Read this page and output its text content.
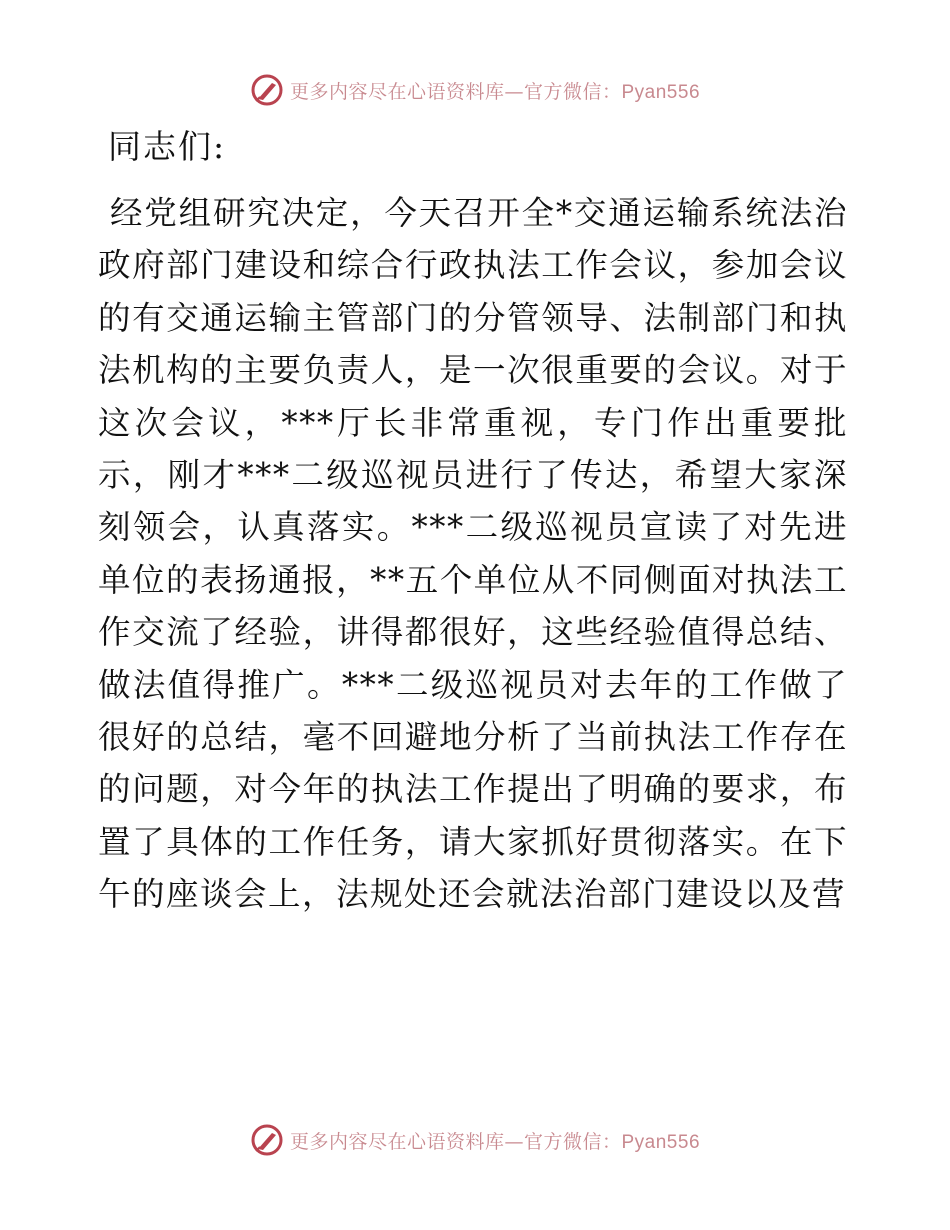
更多内容尽在心语资料库—官方微信：Pyan556

同志们:

经党组研究决定，今天召开全*交通运输系统法治政府部门建设和综合行政执法工作会议，参加会议的有交通运输主管部门的分管领导、法制部门和执法机构的主要负责人，是一次很重要的会议。对于这次会议，***厅长非常重视，专门作出重要批示，刚才***二级巡视员进行了传达，希望大家深刻领会，认真落实。***二级巡视员宣读了对先进单位的表扬通报，**五个单位从不同侧面对执法工作交流了经验，讲得都很好，这些经验值得总结、做法值得推广。***二级巡视员对去年的工作做了很好的总结，毫不回避地分析了当前执法工作存在的问题，对今年的执法工作提出了明确的要求，布置了具体的工作任务，请大家抓好贯彻落实。在下午的座谈会上，法规处还会就法治部门建设以及营

更多内容尽在心语资料库—官方微信：Pyan556
